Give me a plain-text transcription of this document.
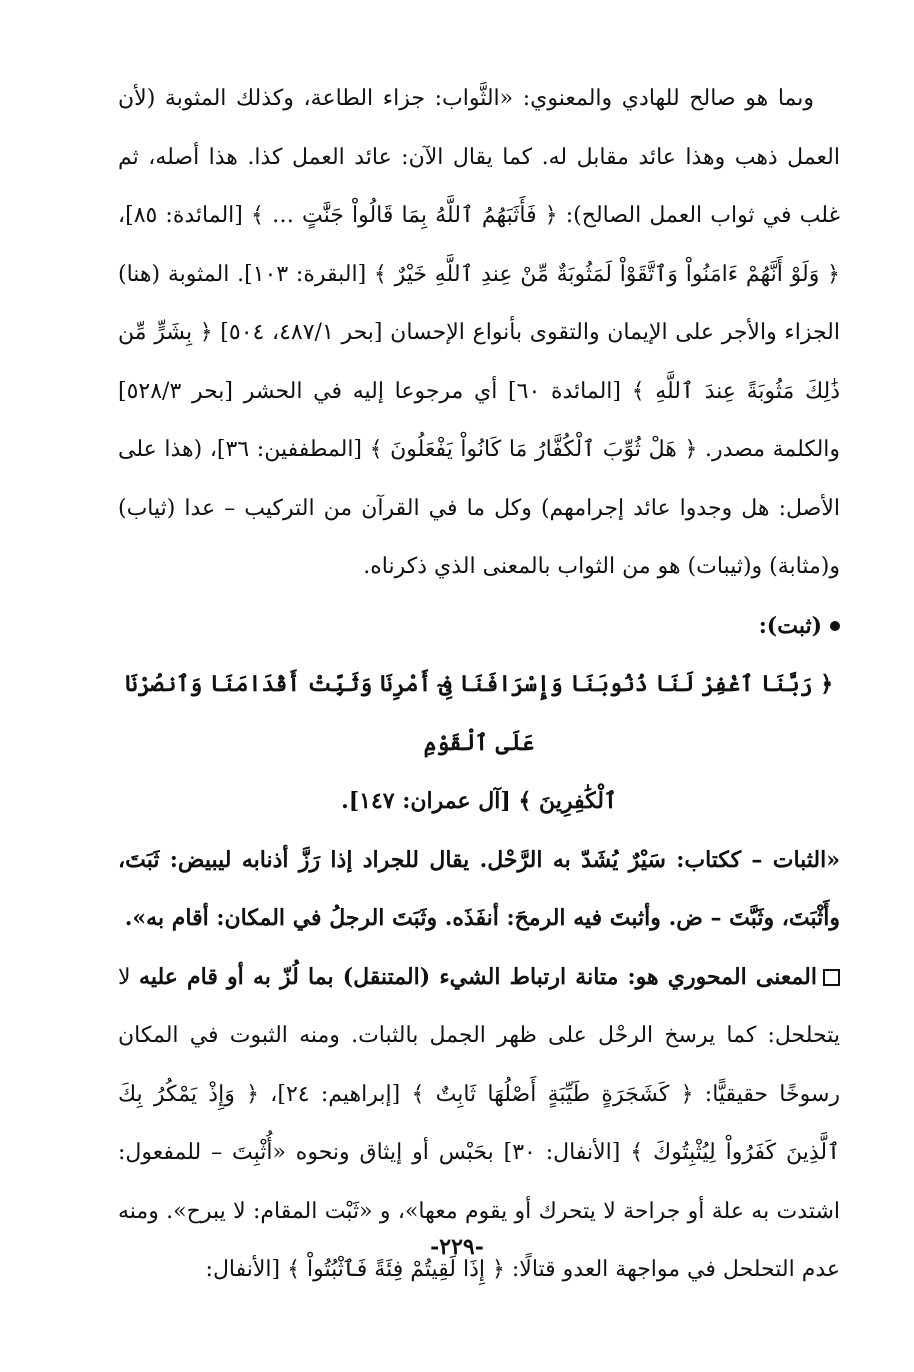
وىما هو صالح للهادي والمعنوي: «الثَّواب: جزاء الطاعة، وكذلك المثوبة (لأن العمل ذهب وهذا عائد مقابل له. كما يقال الآن: عائد العمل كذا. هذا أصله، ثم غلب في ثواب العمل الصالح): ﴿ فَأَثَبَهُمُ ٱللَّهُ بِمَا قَالُواْ جَنَّٰتٍ … ﴾ [المائدة: ٨٥]، ﴿ وَلَوْ أَنَّهُمْ ءَامَنُواْ وَٱتَّقَوْاْ لَمَثُوبَةٌ مِّنْ عِندِ ٱللَّهِ خَيْرٌ ﴾ [البقرة: ١٠٣]. المثوبة (هنا) الجزاء والأجر على الإيمان والتقوى بأنواع الإحسان [بحر ٤٨٧/١، ٥٠٤] ﴿ بِشَرٍّ مِّن ذَٰلِكَ مَثُوبَةً عِندَ ٱللَّهِ ﴾ [المائدة ٦٠] أي مرجوعا إليه في الحشر [بحر ٥٢٨/٣] والكلمة مصدر. ﴿ هَلْ ثُوِّبَ ٱلْكُفَّارُ مَا كَانُواْ يَفْعَلُونَ ﴾ [المطففين: ٣٦]، (هذا على الأصل: هل وجدوا عائد إجرامهم) وكل ما في القرآن من التركيب – عدا (ثياب) و(مثابة) و(ثيبات) هو من الثواب بالمعنى الذي ذكرناه.

(ثبت):
﴿ رَبَّنَا ٱغْفِرْ لَنَا ذُنُوبَنَا وَإِسْرَافَنَا فِىٓ أَمْرِنَا وَثَبِّتْ أَقْدَامَنَا وَٱنصُرْنَا عَلَى ٱلْقَوْمِ
ٱلْكَٰفِرِينَ ﴾ [آل عمران: ١٤٧].

«الثبات – ككتاب: سَيْرٌ يُشَدّ به الرَّحْل. يقال للجراد إذا رَزَّ أذنابه ليبيض: ثَبَتَ، وأَثْبَتَ، وثَبَّتَ – ض. وأثبتَ فيه الرمحَ: أنفَذَه. وثَبَتَ الرجلُ في المكان: أقام به».

المعنى المحوري هو: متانة ارتباط الشيء (المتنقل) بما لُزّ به أو قام عليه لا يتحلحل: كما يرسخ الرحْل على ظهر الجمل بالثبات. ومنه الثبوت في المكان رسوخًا حقيقيًّا: ﴿ كَشَجَرَةٍ طَيِّبَةٍ أَصْلُهَا ثَابِتٌ ﴾ [إبراهيم: ٢٤]، ﴿ وَإِذْ يَمْكُرُ بِكَ ٱلَّذِينَ كَفَرُواْ لِيُثْبِتُوكَ ﴾ [الأنفال: ٣٠] بحَبْس أو إيثاق ونحوه «أُثْبِتَ – للمفعول: اشتدت به علة أو جراحة لا يتحرك أو يقوم معها»، و «ثَبْت المقام: لا يبرح». ومنه عدم التحلحل في مواجهة العدو قتالًا: ﴿ إِذَا لَقِيتُمْ فِئَةً فَٱثْبُتُواْ ﴾ [الأنفال:

-٢٢٩-
